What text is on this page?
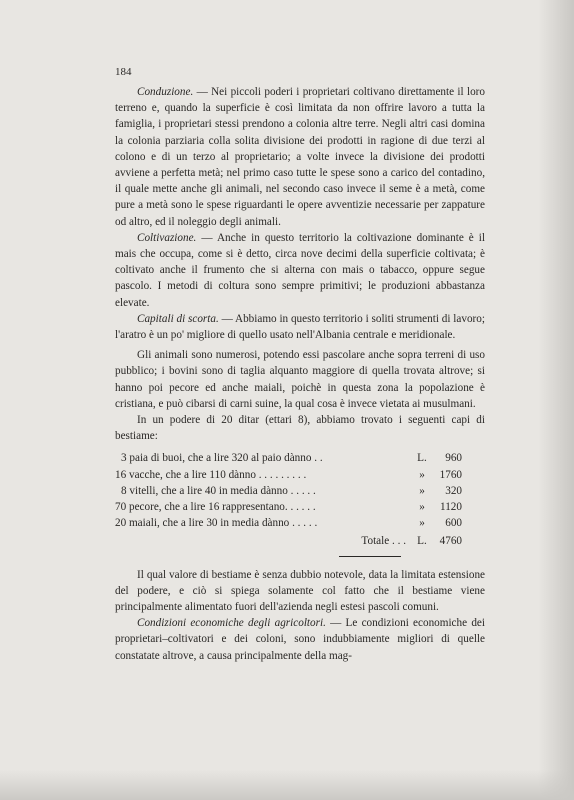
184

Conduzione. — Nei piccoli poderi i proprietari coltivano direttamente il loro terreno e, quando la superficie è così limitata da non offrire lavoro a tutta la famiglia, i proprietari stessi prendono a colonia altre terre. Negli altri casi domina la colonia parziaria colla solita divisione dei prodotti in ragione di due terzi al colono e di un terzo al proprietario; a volte invece la divisione dei prodotti avviene a perfetta metà; nel primo caso tutte le spese sono a carico del contadino, il quale mette anche gli animali, nel secondo caso invece il seme è a metà, come pure a metà sono le spese riguardanti le opere avventizie necessarie per zappature od altro, ed il noleggio degli animali.

Coltivazione. — Anche in questo territorio la coltivazione dominante è il mais che occupa, come si è detto, circa nove decimi della superficie coltivata; è coltivato anche il frumento che si alterna con mais o tabacco, oppure segue pascolo. I metodi di coltura sono sempre primitivi; le produzioni abbastanza elevate.

Capitali di scorta. — Abbiamo in questo territorio i soliti strumenti di lavoro; l'aratro è un po' migliore di quello usato nell'Albania centrale e meridionale.

Gli animali sono numerosi, potendo essi pascolare anche sopra terreni di uso pubblico; i bovini sono di taglia alquanto maggiore di quella trovata altrove; si hanno poi pecore ed anche maiali, poichè in questa zona la popolazione è cristiana, e può cibarsi di carni suine, la qual cosa è invece vietata ai musulmani.

In un podere di 20 ditar (ettari 8), abbiamo trovato i seguenti capi di bestiame:

3 paia di buoi, che a lire 320 al paio dànno . .	L.	960
16 vacche, che a lire 110 dànno . . . . . . . . .	»	1760
8 vitelli, che a lire 40 in media dànno . . . . .	»	320
70 pecore, che a lire 16 rappresentano. . . . . .	»	1120
20 maiali, che a lire 30 in media dànno . . . . .	»	600
Totale . . . L.	4760

Il qual valore di bestiame è senza dubbio notevole, data la limitata estensione del podere, e ciò si spiega solamente col fatto che il bestiame viene principalmente alimentato fuori dell'azienda negli estesi pascoli comuni.

Condizioni economiche degli agricoltori. — Le condizioni economiche dei proprietari–coltivatori e dei coloni, sono indubbiamente migliori di quelle constatate altrove, a causa principalmente della mag-
